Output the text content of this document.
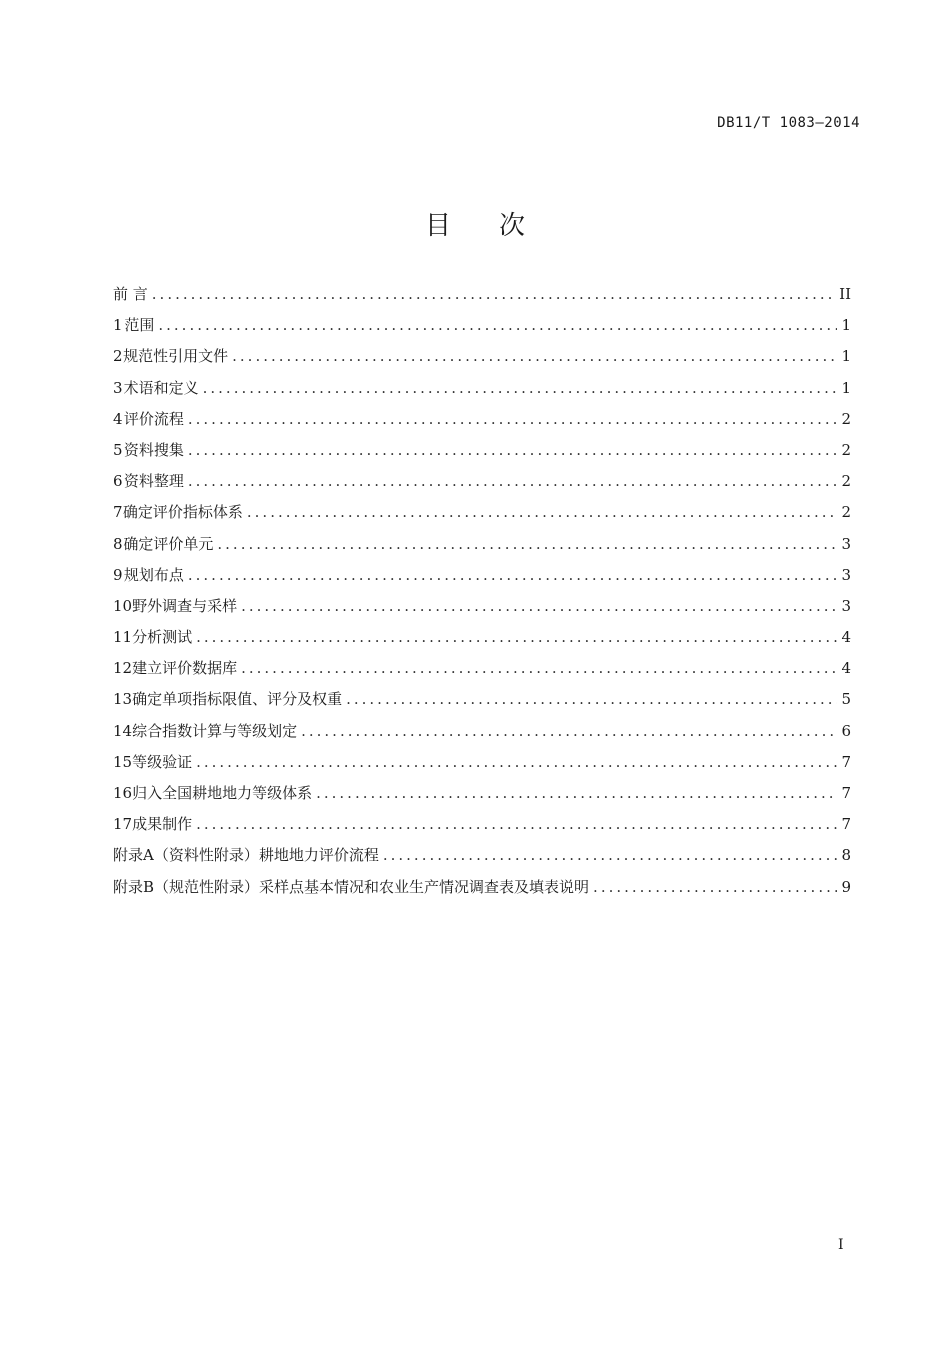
DB11/T 1083—2014
目次
前 言 .....	II
1 范围 .....	1
2 规范性引用文件 .....	1
3 术语和定义 .....	1
4 评价流程 .....	2
5 资料搜集 .....	2
6 资料整理 .....	2
7 确定评价指标体系 .....	2
8 确定评价单元 .....	3
9 规划布点 .....	3
10 野外调查与采样 .....	3
11 分析测试 .....	4
12 建立评价数据库 .....	4
13 确定单项指标限值、评分及权重 .....	5
14 综合指数计算与等级划定 .....	6
15 等级验证 .....	7
16 归入全国耕地地力等级体系 .....	7
17 成果制作 .....	7
附录A（资料性附录） 耕地地力评价流程 .....	8
附录B（规范性附录） 采样点基本情况和农业生产情况调查表及填表说明 .....	9
I
